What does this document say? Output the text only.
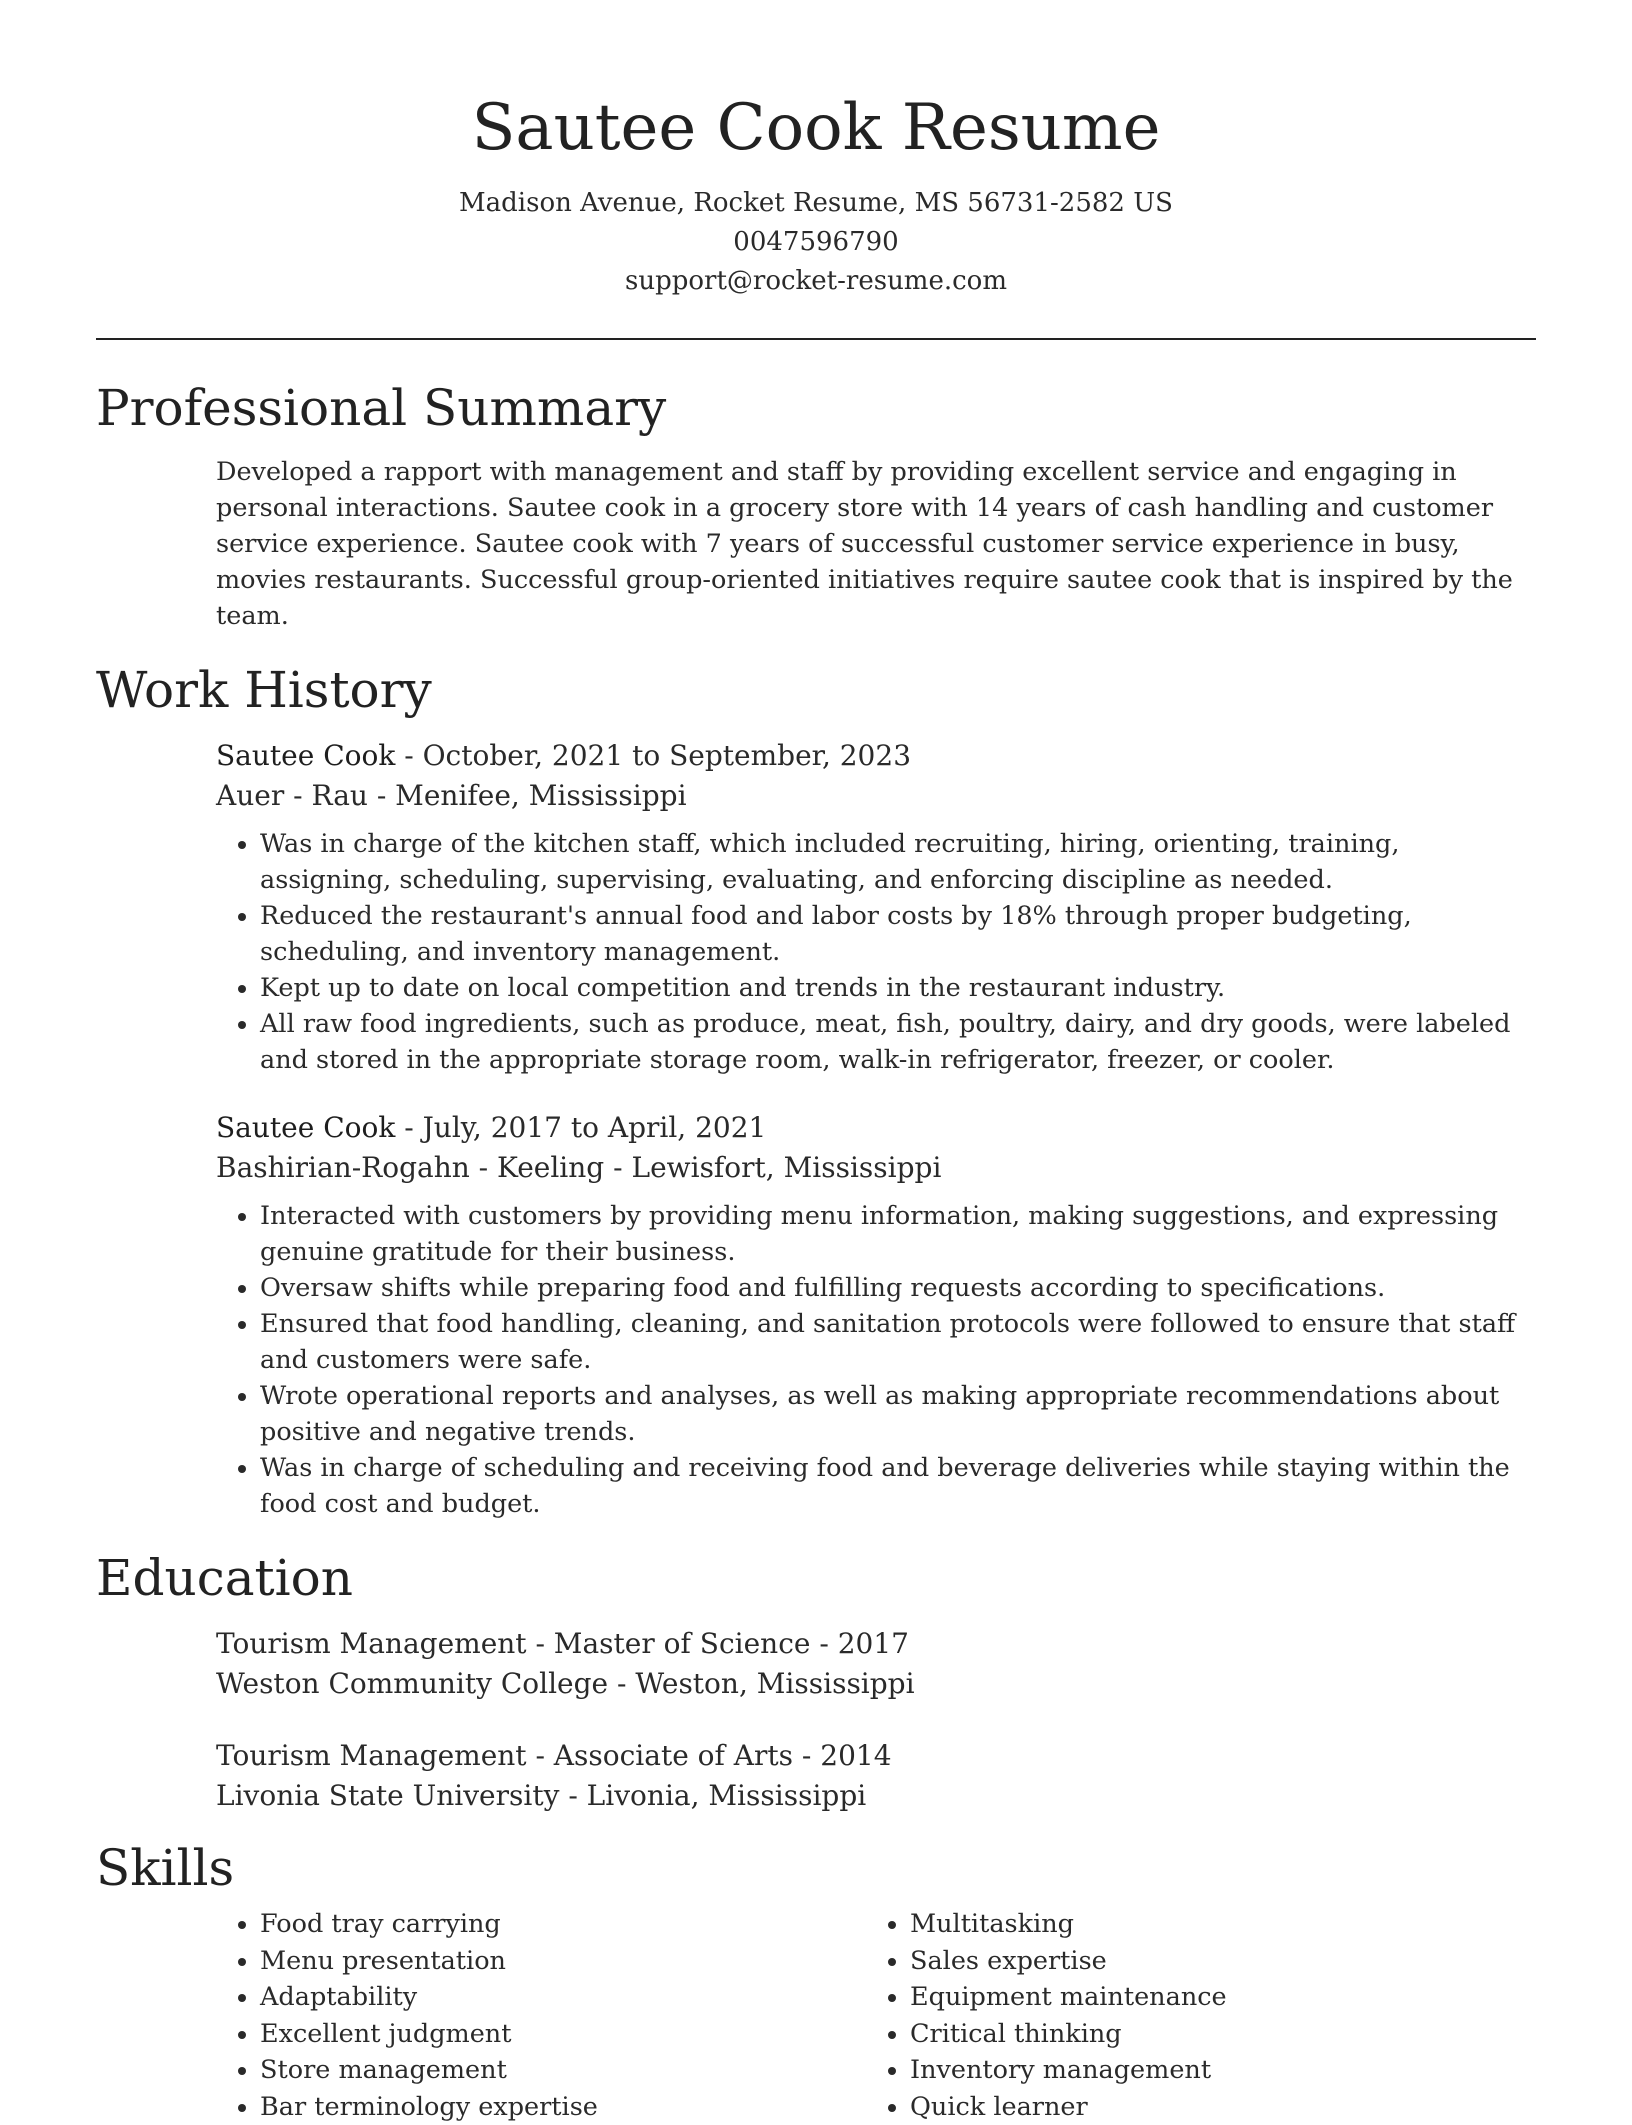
Sautee Cook Resume
Madison Avenue, Rocket Resume, MS 56731-2582 US
0047596790
support@rocket-resume.com
Professional Summary
Developed a rapport with management and staff by providing excellent service and engaging in personal interactions. Sautee cook in a grocery store with 14 years of cash handling and customer service experience. Sautee cook with 7 years of successful customer service experience in busy, movies restaurants. Successful group-oriented initiatives require sautee cook that is inspired by the team.
Work History
Sautee Cook - October, 2021 to September, 2023
Auer - Rau - Menifee, Mississippi
• Was in charge of the kitchen staff, which included recruiting, hiring, orienting, training, assigning, scheduling, supervising, evaluating, and enforcing discipline as needed.
• Reduced the restaurant's annual food and labor costs by 18% through proper budgeting, scheduling, and inventory management.
• Kept up to date on local competition and trends in the restaurant industry.
• All raw food ingredients, such as produce, meat, fish, poultry, dairy, and dry goods, were labeled and stored in the appropriate storage room, walk-in refrigerator, freezer, or cooler.
Sautee Cook - July, 2017 to April, 2021
Bashirian-Rogahn - Keeling - Lewisfort, Mississippi
• Interacted with customers by providing menu information, making suggestions, and expressing genuine gratitude for their business.
• Oversaw shifts while preparing food and fulfilling requests according to specifications.
• Ensured that food handling, cleaning, and sanitation protocols were followed to ensure that staff and customers were safe.
• Wrote operational reports and analyses, as well as making appropriate recommendations about positive and negative trends.
• Was in charge of scheduling and receiving food and beverage deliveries while staying within the food cost and budget.
Education
Tourism Management - Master of Science - 2017
Weston Community College - Weston, Mississippi
Tourism Management - Associate of Arts - 2014
Livonia State University - Livonia, Mississippi
Skills
• Food tray carrying
• Menu presentation
• Adaptability
• Excellent judgment
• Store management
• Bar terminology expertise
• Multitasking
• Sales expertise
• Equipment maintenance
• Critical thinking
• Inventory management
• Quick learner
